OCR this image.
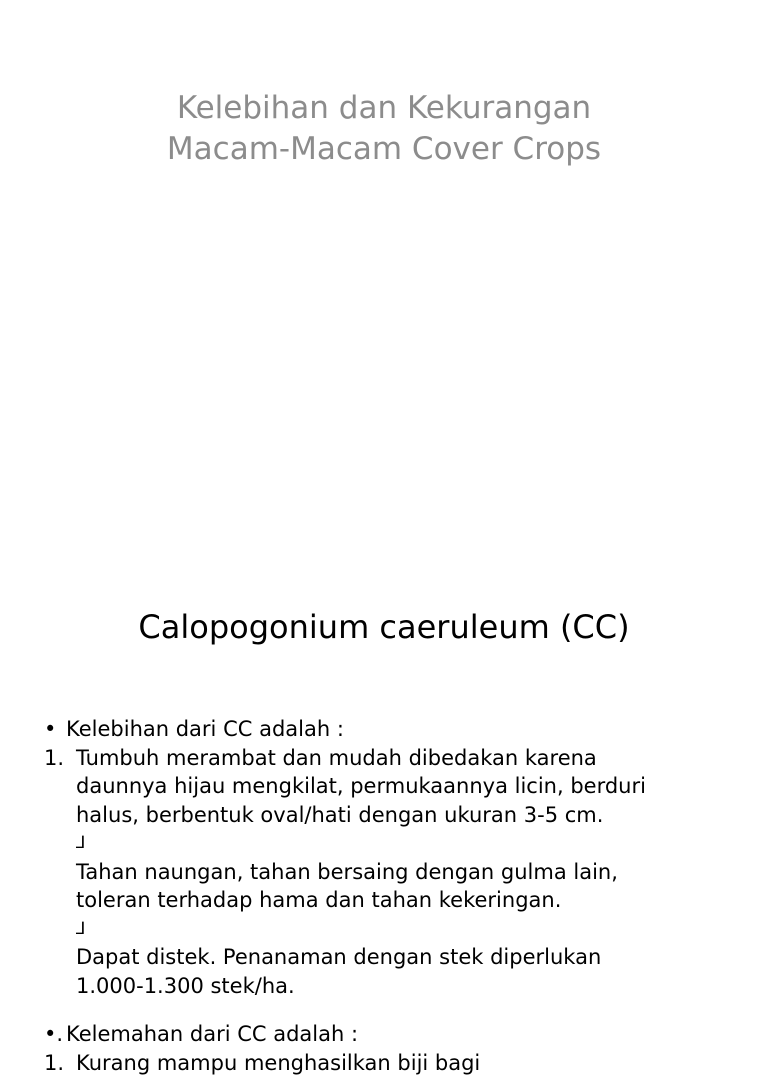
Kelebihan dan Kekurangan
Macam-Macam Cover Crops
Calopogonium caeruleum (CC)
• Kelebihan dari CC adalah :
1. Tumbuh merambat dan mudah dibedakan karena
daunnya hijau mengkilat, permukaannya licin, berduri
halus, berbentuk oval/hati dengan ukuran 3-5 cm.
⅃
Tahan naungan, tahan bersaing dengan gulma lain,
toleran terhadap hama dan tahan kekeringan.
⅃
Dapat distek. Penanaman dengan stek diperlukan
1.000-1.300 stek/ha.
•. Kelemahan dari CC adalah :
1. Kurang mampu menghasilkan biji bagi
